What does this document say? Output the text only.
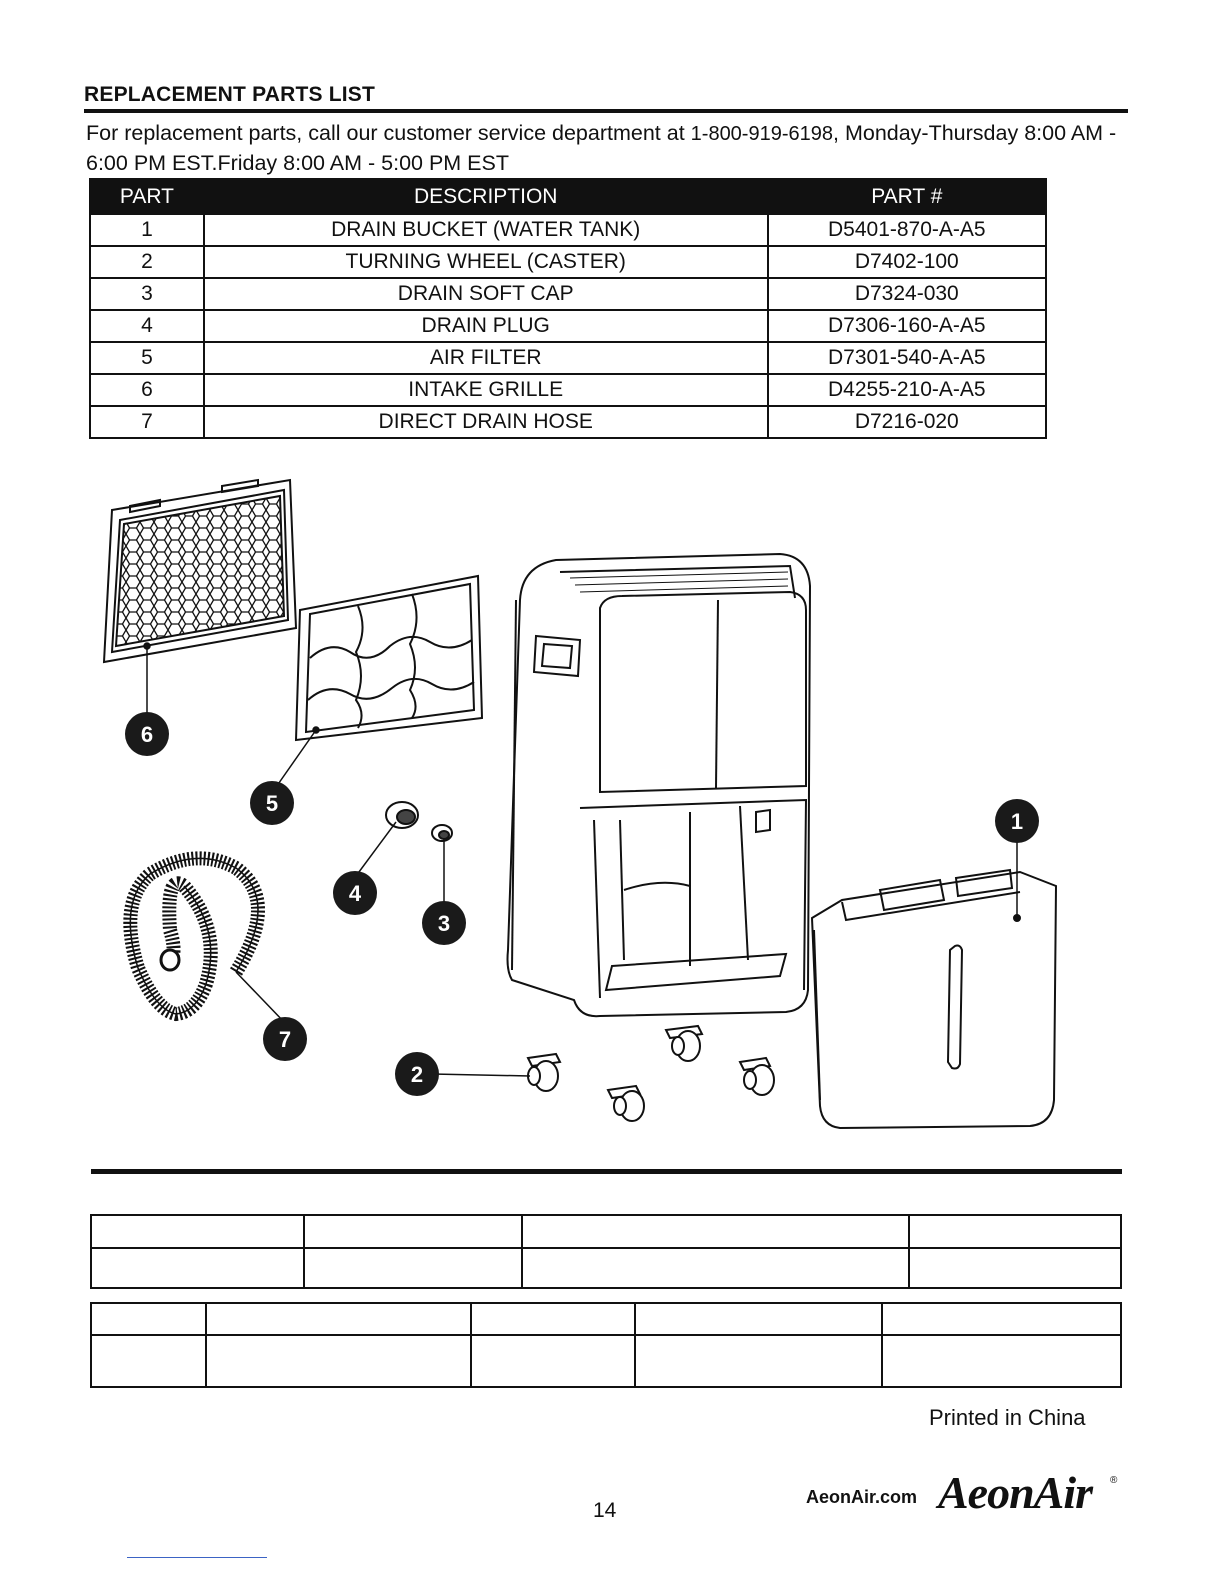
REPLACEMENT PARTS LIST
For replacement parts, call our customer service department at 1-800-919-6198, Monday-Thursday 8:00 AM - 6:00 PM EST.Friday 8:00 AM - 5:00 PM EST
PART	DESCRIPTION	PART #
1	DRAIN BUCKET (WATER TANK)	D5401-870-A-A5
2	TURNING WHEEL (CASTER)	D7402-100
3	DRAIN SOFT CAP	D7324-030
4	DRAIN PLUG	D7306-160-A-A5
5	AIR FILTER	D7301-540-A-A5
6	INTAKE GRILLE	D4255-210-A-A5
7	DIRECT DRAIN HOSE	D7216-020
1
2
3
4
5
6
7

Printed in China
AeonAir.com AeonAir ®
14
